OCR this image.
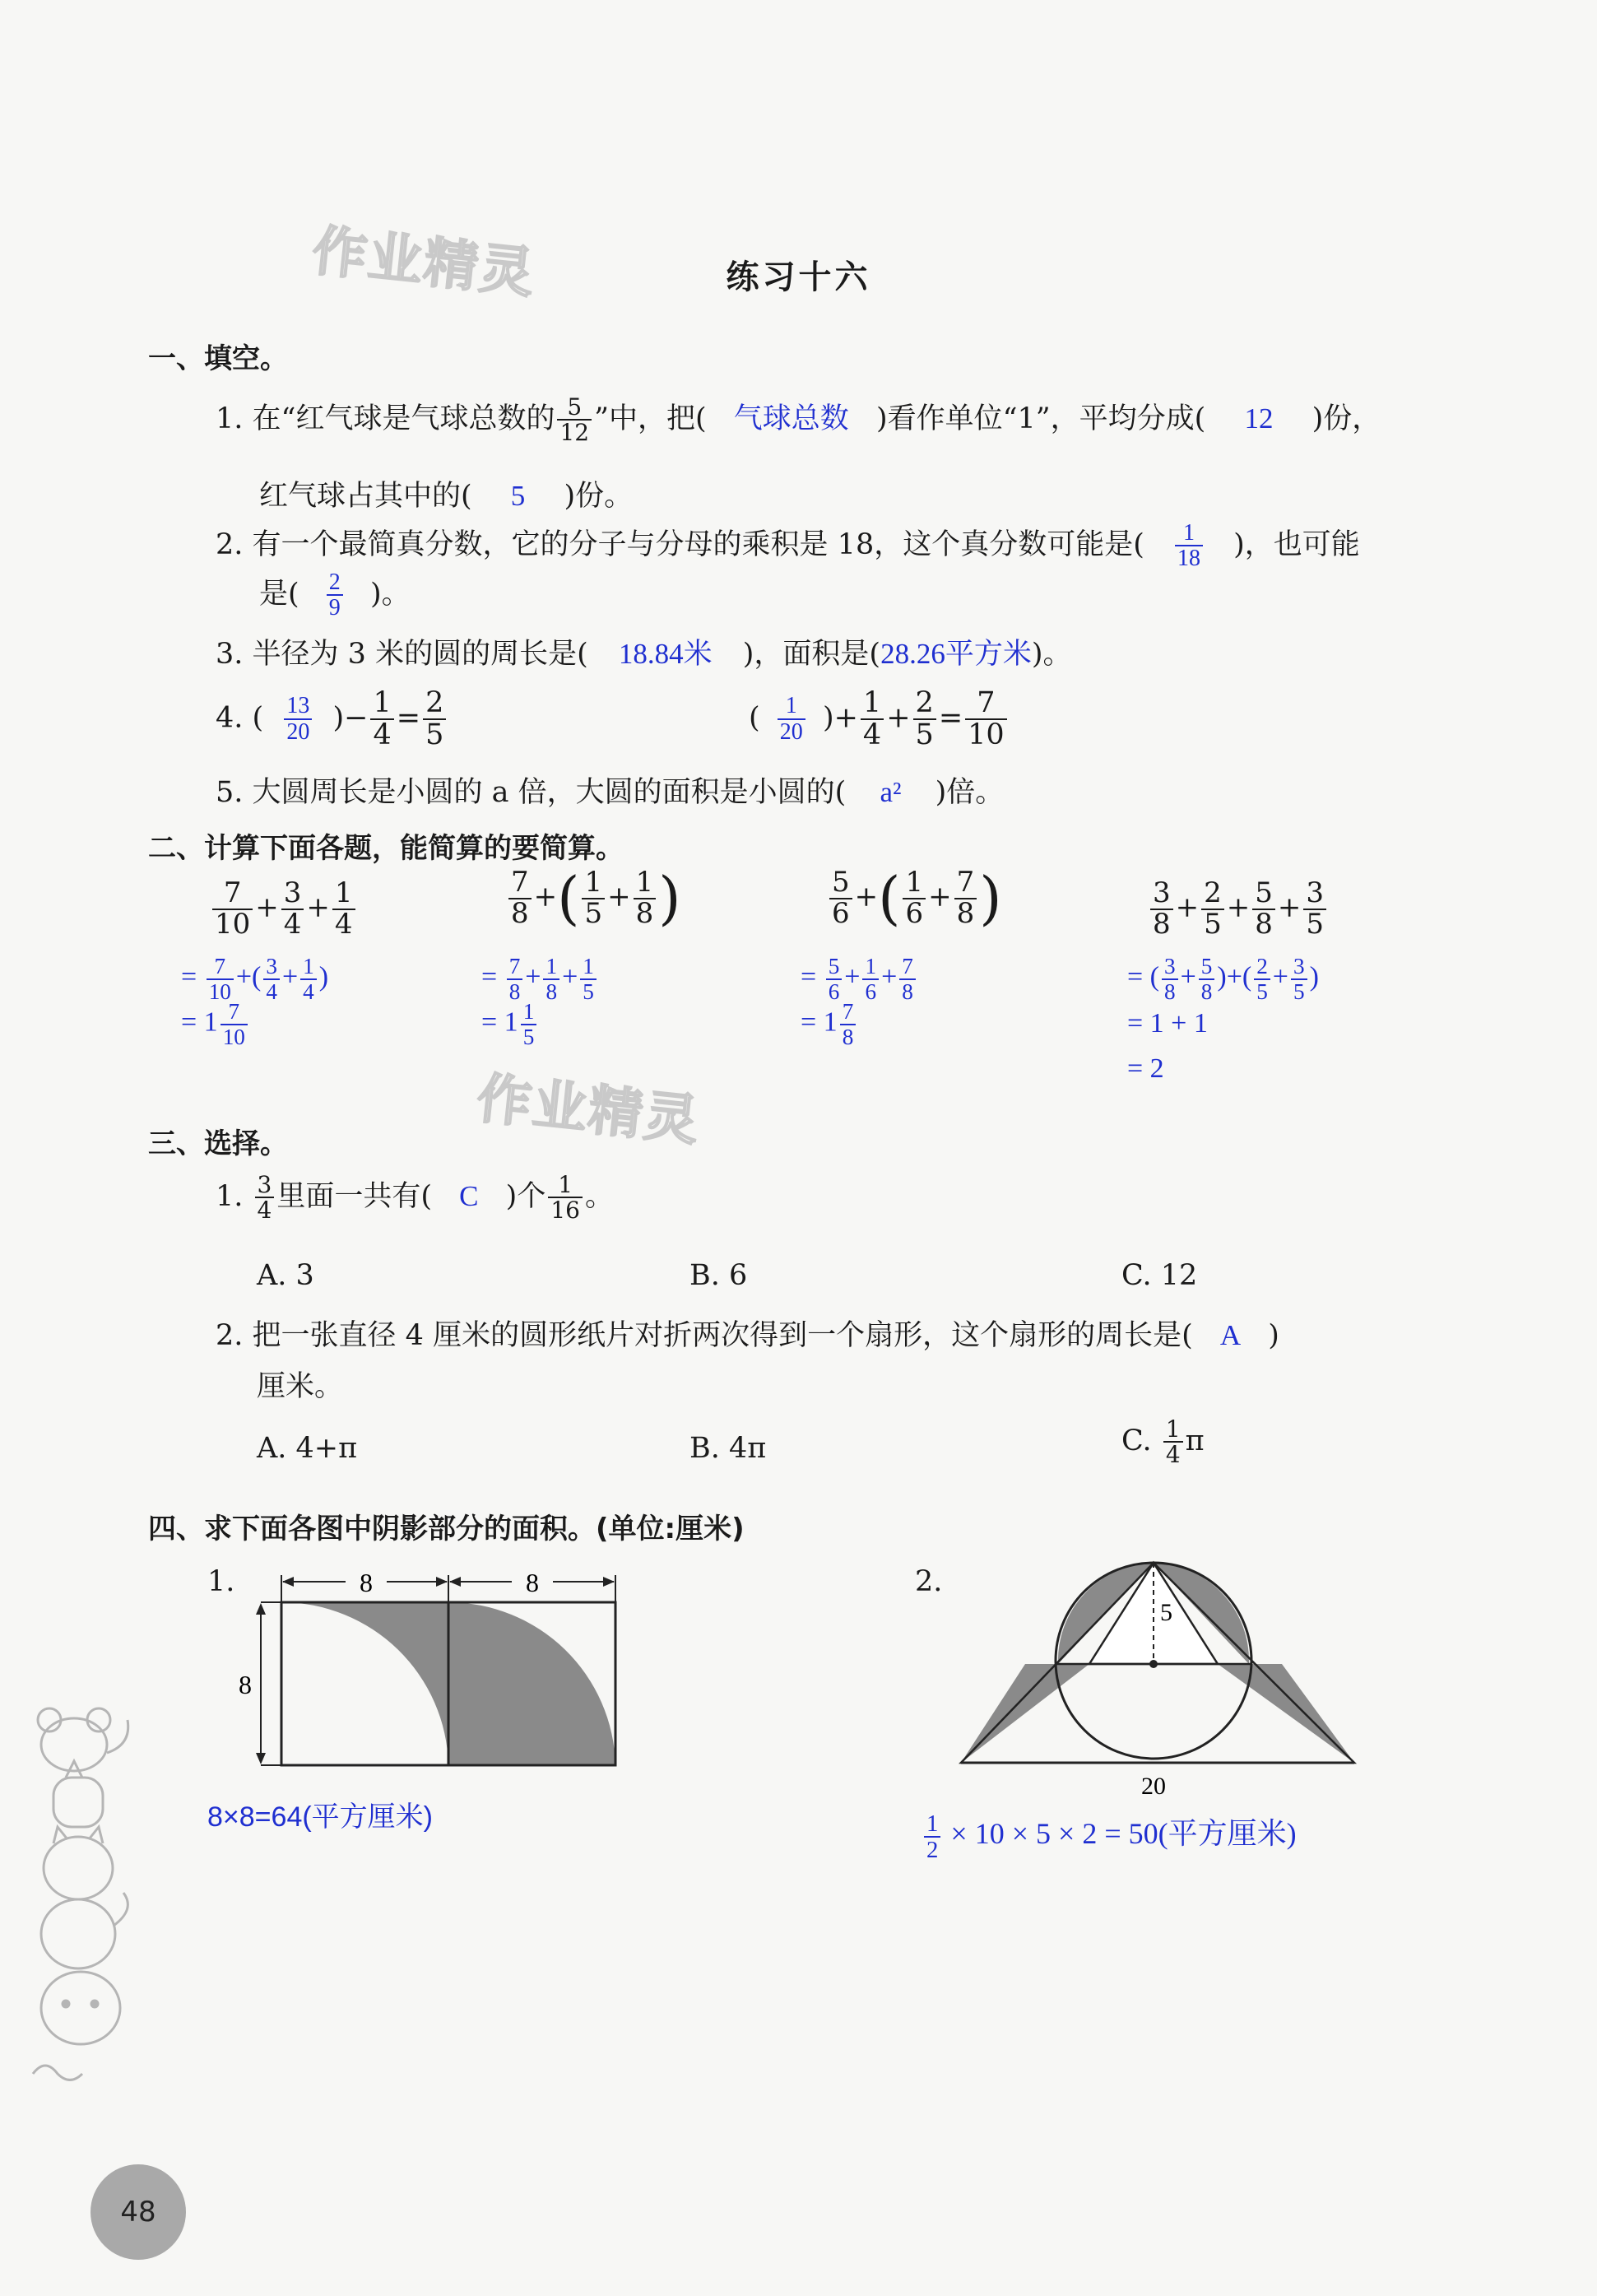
作业精灵
作业精灵
练习十六
一、填空。
1. 在“红气球是气球总数的 $\frac{5}{12}$ ”中，把( 气球总数 )看作单位“1”，平均分成( 12 )份，
红气球占其中的( 5 )份。
2. 有一个最简真分数，它的分子与分母的乘积是 18，这个真分数可能是( $\frac{1}{18}$ )，也可能
是( $\frac{2}{9}$ )。
3. 半径为 3 米的圆的周长是( 18.84米 )，面积是(28.26平方米)。
4. ( $\frac{13}{20}$ )− $\frac{1}{4} = \frac{2}{5}$	( $\frac{1}{20}$ )+ $\frac{1}{4} + \frac{2}{5} = \frac{7}{10}$
5. 大圆周长是小圆的 a 倍，大圆的面积是小圆的( a² )倍。
二、计算下面各题，能简算的要简算。
$\frac{7}{10} + \frac{3}{4} + \frac{1}{4}$
= $\frac{7}{10}$ +( $\frac{3}{4} + \frac{1}{4}$ )
= $1 \frac{7}{10}$
$\frac{7}{8}$ +( $\frac{1}{5} + \frac{1}{8}$ )
= $\frac{7}{8} + \frac{1}{8} + \frac{1}{5}$
= $1 \frac{1}{5}$
$\frac{5}{6}$ +( $\frac{1}{6} + \frac{7}{8}$ )
= $\frac{5}{6} + \frac{1}{6} + \frac{7}{8}$
= $1 \frac{7}{8}$
$\frac{3}{8} + \frac{2}{5} + \frac{5}{8} + \frac{3}{5}$
= ( $\frac{3}{8} + \frac{5}{8}$ )+( $\frac{2}{5} + \frac{3}{5}$ )
= 1 + 1
= 2
三、选择。
1. $\frac{3}{4}$ 里面一共有( C )个 $\frac{1}{16}$ 。
A. 3	B. 6	C. 12
2. 把一张直径 4 厘米的圆形纸片对折两次得到一个扇形，这个扇形的周长是( A )
厘米。
A. 4+π	B. 4π	C. $\frac{1}{4}$ π
四、求下面各图中阴影部分的面积。(单位:厘米)
1.	8	8
8
8×8=64(平方厘米)
2.
5
20
$\frac{1}{2} \times 10 \times 5 \times 2 = 50$(平方厘米)
48
